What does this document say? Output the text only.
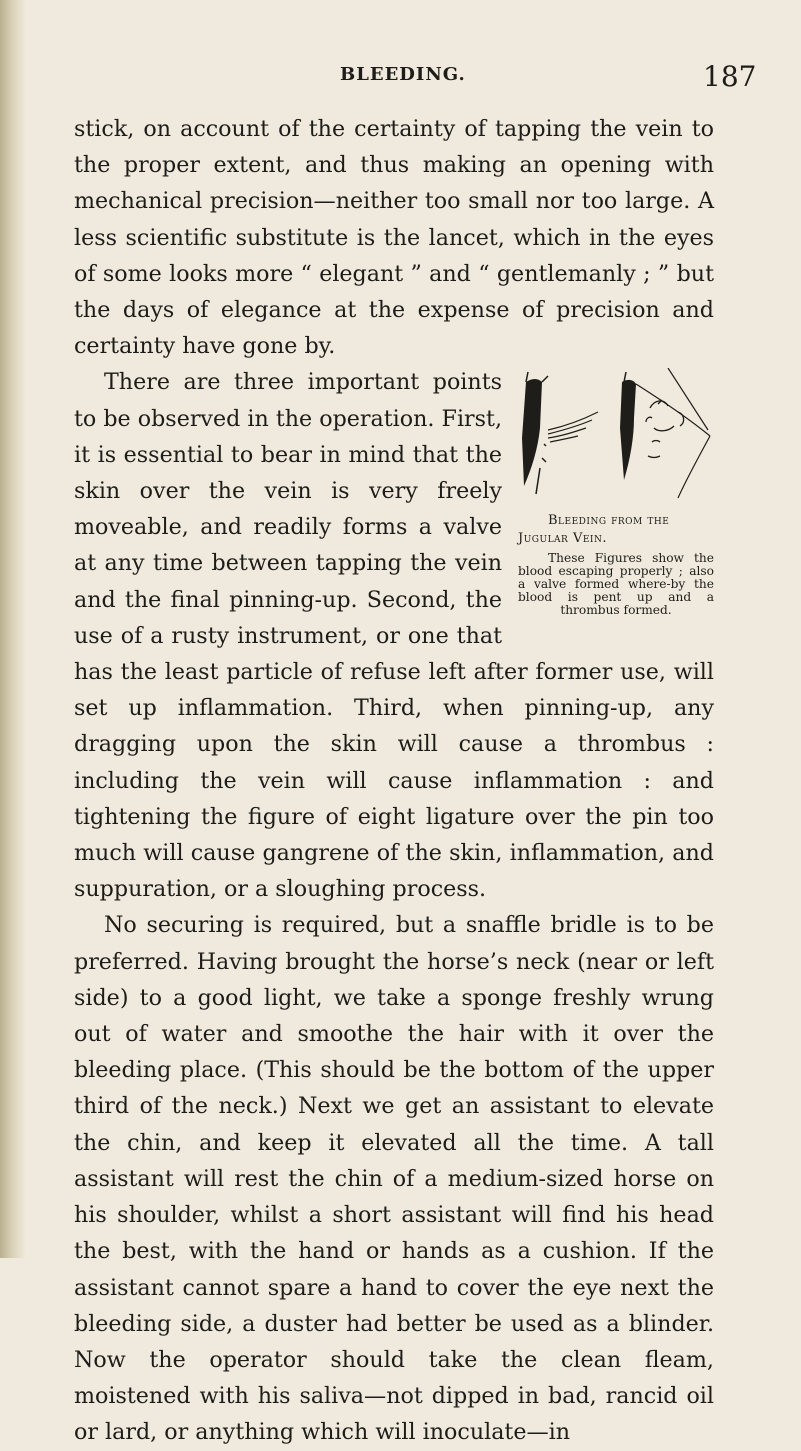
BLEEDING.	187

stick, on account of the certainty of tapping the vein to the proper extent, and thus making an opening with mechanical precision—neither too small nor too large. A less scientific substitute is the lancet, which in the eyes of some looks more “ elegant ” and “ gentlemanly ; ” but the days of elegance at the expense of precision and certainty have gone by.

Bleeding from the
Jugular Vein.
These Figures show the blood escaping properly ; also a valve formed where-by the blood is pent up and a thrombus formed.
There are three important points to be observed in the operation. First, it is essential to bear in mind that the skin over the vein is very freely moveable, and readily forms a valve at any time between tapping the vein and the final pinning-up. Second, the use of a rusty instrument, or one that has the least particle of refuse left after former use, will set up inflammation. Third, when pinning-up, any dragging upon the skin will cause a thrombus : including the vein will cause inflammation : and tightening the figure of eight ligature over the pin too much will cause gangrene of the skin, inflammation, and suppuration, or a sloughing process.

No securing is required, but a snaffle bridle is to be preferred. Having brought the horse’s neck (near or left side) to a good light, we take a sponge freshly wrung out of water and smoothe the hair with it over the bleeding place. (This should be the bottom of the upper third of the neck.) Next we get an assistant to elevate the chin, and keep it elevated all the time. A tall assistant will rest the chin of a medium-sized horse on his shoulder, whilst a short assistant will find his head the best, with the hand or hands as a cushion. If the assistant cannot spare a hand to cover the eye next the bleeding side, a duster had better be used as a blinder. Now the operator should take the clean fleam, moistened with his saliva—not dipped in bad, rancid oil or lard, or anything which will inoculate—in
